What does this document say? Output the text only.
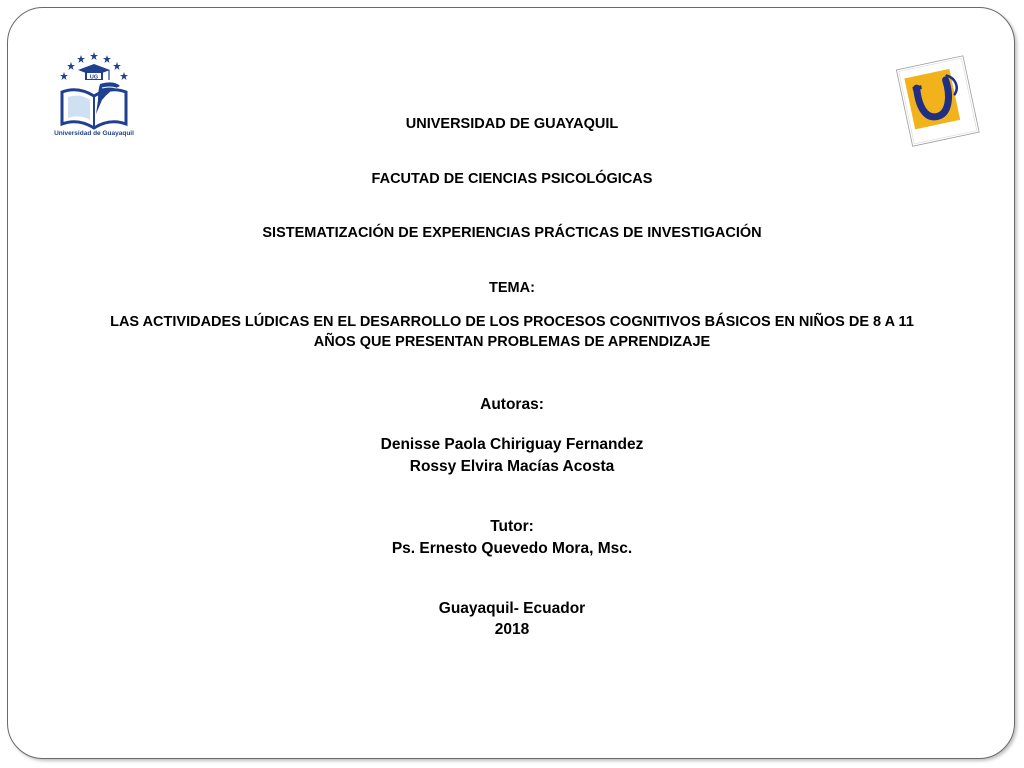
UG
Universidad de Guayaquil
UNIVERSIDAD DE GUAYAQUIL
FACUTAD DE CIENCIAS PSICOLÓGICAS
SISTEMATIZACIÓN DE EXPERIENCIAS PRÁCTICAS DE INVESTIGACIÓN
TEMA:
LAS ACTIVIDADES LÚDICAS EN EL DESARROLLO DE LOS PROCESOS COGNITIVOS BÁSICOS EN NIÑOS DE 8 A 11
AÑOS QUE PRESENTAN PROBLEMAS DE APRENDIZAJE
Autoras:
Denisse Paola Chiriguay Fernandez
Rossy Elvira Macías Acosta
Tutor:
Ps. Ernesto Quevedo Mora, Msc.
Guayaquil- Ecuador
2018
